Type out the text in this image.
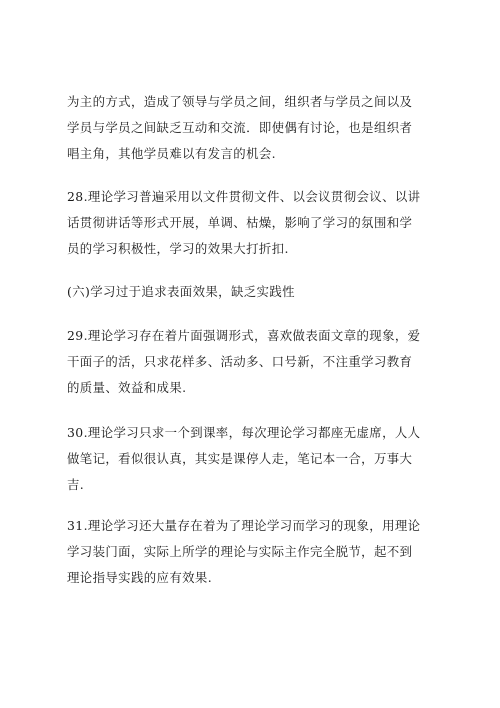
为主的方式，造成了领导与学员之间，组织者与学员之间以及
学员与学员之间缺乏互动和交流．即使偶有讨论，也是组织者
唱主角，其他学员难以有发言的机会.

28.理论学习普遍采用以文件贯彻文件、以会议贯彻会议、以讲
话贯彻讲话等形式开展，单调、枯燥，影响了学习的氛围和学
员的学习积极性，学习的效果大打折扣.

(六)学习过于追求表面效果，缺乏实践性

29.理论学习存在着片面强调形式，喜欢做表面文章的现象，爱
干面子的活，只求花样多、活动多、口号新，不注重学习教育
的质量、效益和成果.

30.理论学习只求一个到课率，每次理论学习都座无虚席，人人
做笔记，看似很认真，其实是课停人走，笔记本一合，万事大
吉.

31.理论学习还大量存在着为了理论学习而学习的现象，用理论
学习装门面，实际上所学的理论与实际主作完全脱节，起不到
理论指导实践的应有效果.
